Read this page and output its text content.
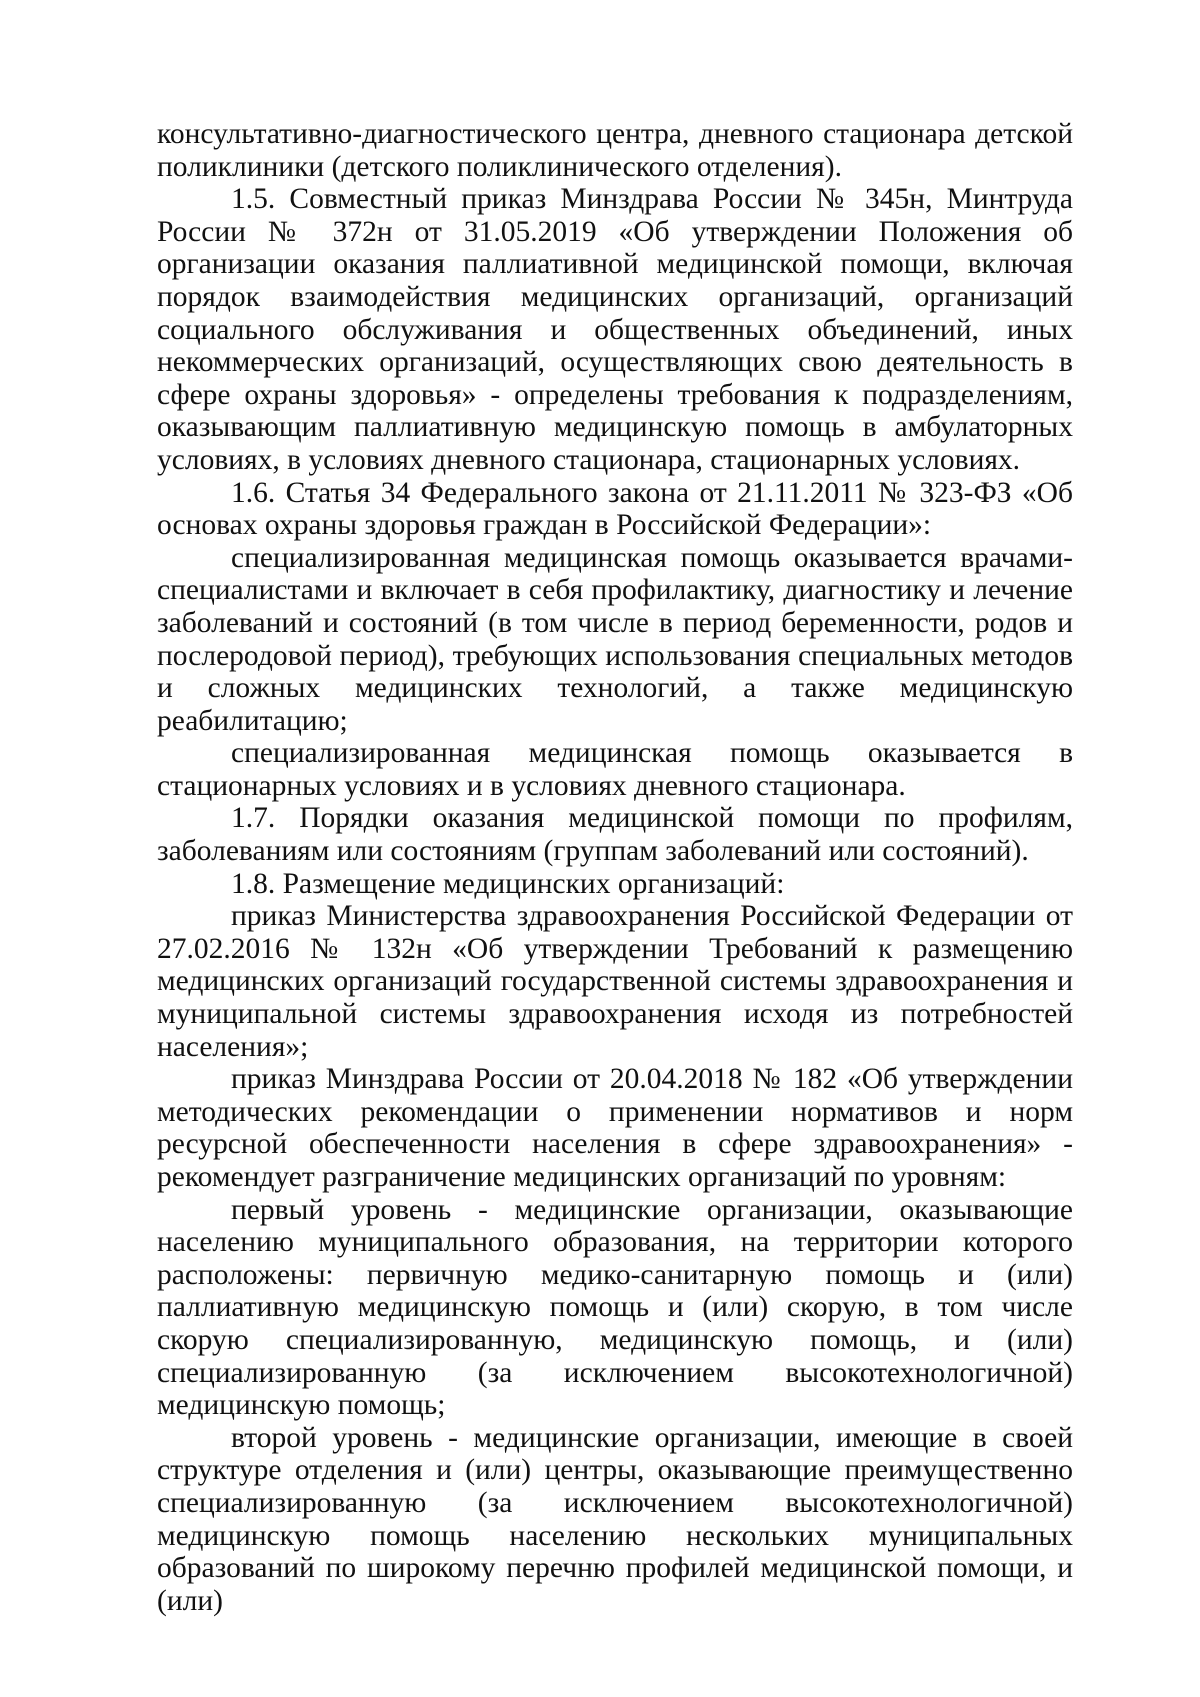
консультативно-диагностического центра, дневного стационара детской поликлиники (детского поликлинического отделения).

1.5. Совместный приказ Минздрава России № 345н, Минтруда России № 372н от 31.05.2019 «Об утверждении Положения об организации оказания паллиативной медицинской помощи, включая порядок взаимодействия медицинских организаций, организаций социального обслуживания и общественных объединений, иных некоммерческих организаций, осуществляющих свою деятельность в сфере охраны здоровья» - определены требования к подразделениям, оказывающим паллиативную медицинскую помощь в амбулаторных условиях, в условиях дневного стационара, стационарных условиях.

1.6. Статья 34 Федерального закона от 21.11.2011 № 323-ФЗ «Об основах охраны здоровья граждан в Российской Федерации»:

специализированная медицинская помощь оказывается врачами-специалистами и включает в себя профилактику, диагностику и лечение заболеваний и состояний (в том числе в период беременности, родов и послеродовой период), требующих использования специальных методов и сложных медицинских технологий, а также медицинскую реабилитацию;

специализированная медицинская помощь оказывается в стационарных условиях и в условиях дневного стационара.

1.7. Порядки оказания медицинской помощи по профилям, заболеваниям или состояниям (группам заболеваний или состояний).

1.8. Размещение медицинских организаций:

приказ Министерства здравоохранения Российской Федерации от 27.02.2016 № 132н «Об утверждении Требований к размещению медицинских организаций государственной системы здравоохранения и муниципальной системы здравоохранения исходя из потребностей населения»;

приказ Минздрава России от 20.04.2018 № 182 «Об утверждении методических рекомендации о применении нормативов и норм ресурсной обеспеченности населения в сфере здравоохранения» - рекомендует разграничение медицинских организаций по уровням:

первый уровень - медицинские организации, оказывающие населению муниципального образования, на территории которого расположены: первичную медико-санитарную помощь и (или) паллиативную медицинскую помощь и (или) скорую, в том числе скорую специализированную, медицинскую помощь, и (или) специализированную (за исключением высокотехнологичной) медицинскую помощь;

второй уровень - медицинские организации, имеющие в своей структуре отделения и (или) центры, оказывающие преимущественно специализированную (за исключением высокотехнологичной) медицинскую помощь населению нескольких муниципальных образований по широкому перечню профилей медицинской помощи, и (или)
